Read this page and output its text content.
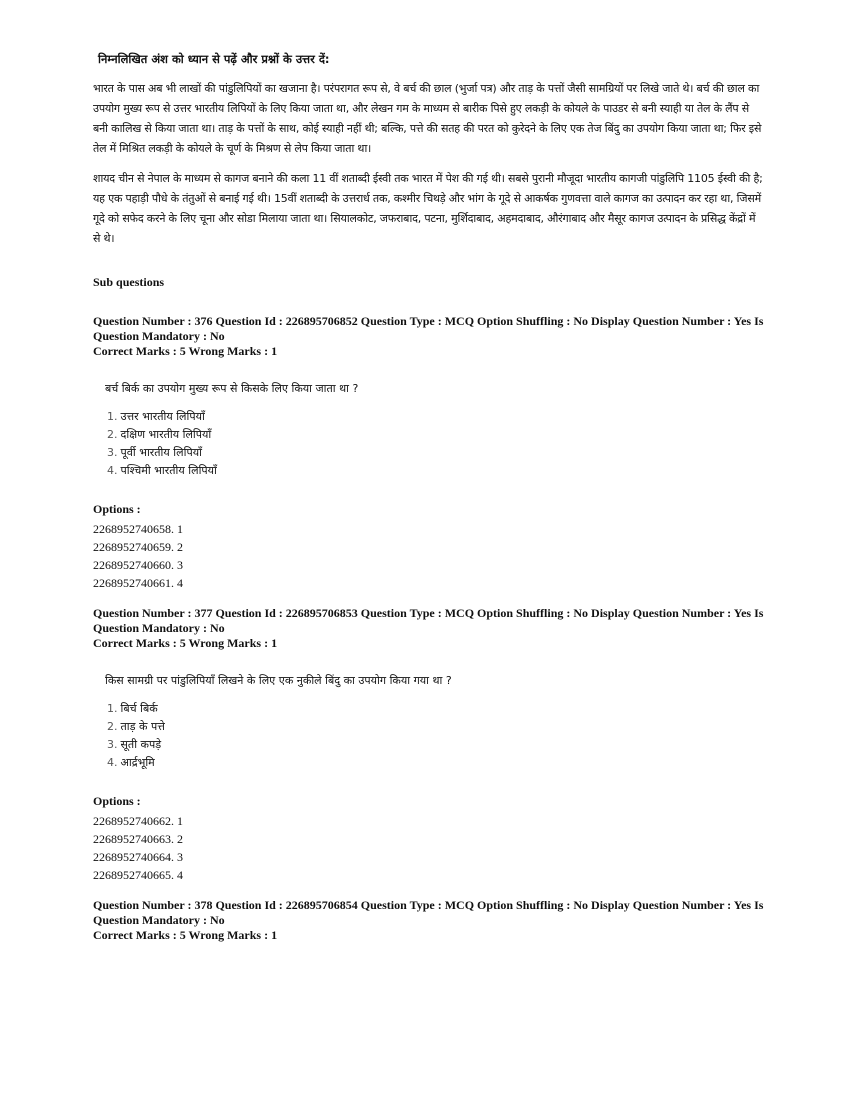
निम्नलिखित अंश को ध्यान से पढ़ें और प्रश्नों के उत्तर दें:

भारत के पास अब भी लाखों की पांडुलिपियों का खजाना है। परंपरागत रूप से, वे बर्च की छाल (भुर्जा पत्र) और ताड़ के पत्तों जैसी सामग्रियों पर लिखे जाते थे। बर्च की छाल का उपयोग मुख्य रूप से उत्तर भारतीय लिपियों के लिए किया जाता था, और लेखन गम के माध्यम से बारीक पिसे हुए लकड़ी के कोयले के पाउडर से बनी स्याही या तेल के लैंप से बनी कालिख से किया जाता था। ताड़ के पत्तों के साथ, कोई स्याही नहीं थी; बल्कि, पत्ते की सतह की परत को कुरेदने के लिए एक तेज बिंदु का उपयोग किया जाता था; फिर इसे तेल में मिश्रित लकड़ी के कोयले के चूर्ण के मिश्रण से लेप किया जाता था।

शायद चीन से नेपाल के माध्यम से कागज बनाने की कला 11 वीं शताब्दी ईस्वी तक भारत में पेश की गई थी। सबसे पुरानी मौजूदा भारतीय कागजी पांडुलिपि 1105 ईस्वी की है; यह एक पहाड़ी पौधे के तंतुओं से बनाई गई थी। 15वीं शताब्दी के उत्तरार्ध तक, कश्मीर चिथड़े और भांग के गूदे से आकर्षक गुणवत्ता वाले कागज का उत्पादन कर रहा था, जिसमें गूदे को सफेद करने के लिए चूना और सोडा मिलाया जाता था। सियालकोट, जफराबाद, पटना, मुर्शिदाबाद, अहमदाबाद, औरंगाबाद और मैसूर कागज उत्पादन के प्रसिद्ध केंद्रों में से थे।

Sub questions

Question Number : 376 Question Id : 226895706852 Question Type : MCQ Option Shuffling : No Display Question Number : Yes Is

Question Mandatory : No

Correct Marks : 5 Wrong Marks : 1

बर्च बिर्क का उपयोग मुख्य रूप से किसके लिए किया जाता था ?

1. उत्तर भारतीय लिपियाँ
2. दक्षिण भारतीय लिपियाँ
3. पूर्वी भारतीय लिपियाँ
4. पश्चिमी भारतीय लिपियाँ

Options :

2268952740658. 1
2268952740659. 2
2268952740660. 3
2268952740661. 4

Question Number : 377 Question Id : 226895706853 Question Type : MCQ Option Shuffling : No Display Question Number : Yes Is

Question Mandatory : No

Correct Marks : 5 Wrong Marks : 1

किस सामग्री पर पांडुलिपियाँ लिखने के लिए एक नुकीले बिंदु का उपयोग किया गया था ?

1. बिर्च बिर्क
2. ताड़ के पत्ते
3. सूती कपड़े
4. आर्द्रभूमि

Options :

2268952740662. 1
2268952740663. 2
2268952740664. 3
2268952740665. 4

Question Number : 378 Question Id : 226895706854 Question Type : MCQ Option Shuffling : No Display Question Number : Yes Is

Question Mandatory : No

Correct Marks : 5 Wrong Marks : 1
